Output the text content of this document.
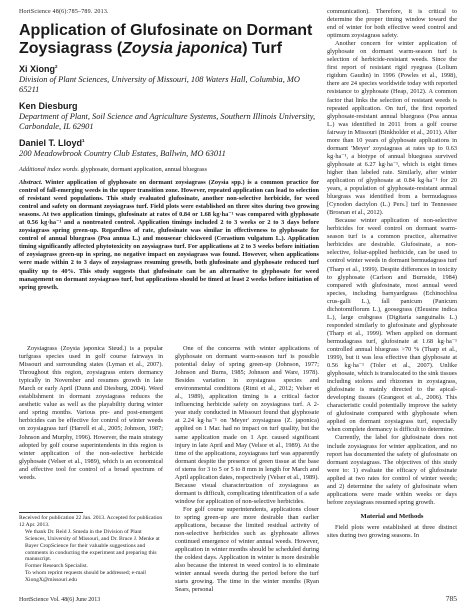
HortScience 48(6):785–789. 2013.
Application of Glufosinate on Dormant Zoysiagrass (Zoysia japonica) Turf
Xi Xiong$^2$

Division of Plant Sciences, University of Missouri, 108 Waters Hall, Columbia, MO 65211

Ken Diesburg

Department of Plant, Soil Science and Agriculture Systems, Southern Illinois University, Carbondale, IL 62901

Daniel T. Lloyd$^1$

200 Meadowbrook Country Club Estates, Ballwin, MO 63011

Additional index words. glyphosate, dormant application, annual bluegrass

Abstract. Winter application of glyphosate on dormant zoysiagrass (Zoysia spp.) is a common practice for control of fall-emerging weeds in the upper transition zone. However, repeated application can lead to selection of resistant weed populations. This study evaluated glufosinate, another non-selective herbicide, for weed control and safety on dormant zoysiagrass turf. Field plots were established on three sites during two growing seasons. At two application timings, glufosinate at rates of 0.84 or 1.68 kg·ha⁻¹ was compared with glyphosate at 0.56 kg·ha⁻¹ and a nontreated control. Application timings included 2 to 3 weeks or 2 to 3 days before zoysiagrass spring green-up. Regardless of rate, glufosinate was similar in effectiveness to glyphosate for control of annual bluegrass (Poa annua L.) and mouseear chickweed (Cerastium vulgatum L.). Application timing significantly affected phytotoxicity on zoysiagrass turf. For applications at 2 to 3 weeks before initiation of zoysiagrass green-up in spring, no negative impact on zoysiagrass was found. However, when applications were made within 2 to 3 days of zoysiagrass resuming growth, both glufosinate and glyphosate reduced turf quality up to 40%. This study suggests that glufosinate can be an alternative to glyphosate for weed management on dormant zoysiagrass turf, but applications should be timed at least 2 weeks before initiation of spring growth.

Zoysiagrass (Zoysia japonica Steud.) is a popular turfgrass species used in golf course fairways in Missouri and surrounding states (Lyman et al., 2007). Throughout this region, zoysiagrass enters dormancy typically in November and resumes growth in late March or early April (Dunn and Diesburg, 2004). Weed establishment in dormant zoysiagrass reduces the aesthetic value as well as the playability during winter and spring months. Various pre- and post-emergent herbicides can be effective for control of winter weeds on zoysiagrass turf (Harrell et al., 2005; Johnson, 1987; Johnson and Murphy, 1996). However, the main strategy adopted by golf course superintendents in this region is winter application of the non-selective herbicide glyphosate (Velser et al., 1989), which is an economical and effective tool for control of a broad spectrum of weeds.

One of the concerns with winter applications of glyphosate on dormant warm-season turf is possible potential delay of spring green-up (Johnson, 1977; Johnson and Burns, 1985; Johnson and Ware, 1978). Besides variation in zoysiagrass species and environmental conditions (Rimi et al., 2012; Velser et al., 1989), application timing is a critical factor influencing herbicide safety on zoysiagrass turf. A 2-year study conducted in Missouri found that glyphosate at 2.24 kg·ha⁻¹ on 'Meyer' zoysiagrass (Z. japonica) applied on 1 Mar. had no impact on turf quality, but the same application made on 1 Apr. caused significant injury in late April and May (Velsor et al., 1989). At the time of the applications, zoysiagrass turf was apparently dormant despite the presence of green tissue at the base of stems for 3 to 5 or 5 to 8 mm in length for March and April application dates, respectively (Velser et al., 1989). Because visual characterization of zoysiagrass as dormant is difficult, complicating identification of a safe window for application of non-selective herbicides.

For golf course superintendents, applications closer to spring green-up are more desirable than earlier applications, because the limited residual activity of non-selective herbicides such as glyphosate allows continued emergence of winter annual weeds. However, application in winter months should be scheduled during the coldest days. Application in winter is more desirable also because the interest in weed control is to eliminate winter annual weeds during the period before the turf starts growing. The time in the winter months (Ryan Sears, personal

Received for publication 22 Jan. 2013. Accepted for publication 12 Apr. 2013.

We thank Dr. Reid J. Smeda in the Division of Plant Sciences, University of Missouri, and Dr. Bruce J. Menke at Bayer CropScience for their valuable suggestions and comments in conducting the experiment and preparing this manuscript.

Former Research Specialist.

To whom reprint requests should be addressed; e-mail XiongX@missouri.edu

communication). Therefore, it is critical to determine the proper timing window toward the end of winter for both effective weed control and optimum zoysiagrass safety.

Another concern for winter application of glyphosate on dormant warm-season turf is selection of herbicide-resistant weeds. Since the first report of resistant rigid ryegrass (Lolium rigidum Gaudin) in 1996 (Powles et al., 1998), there are 24 species worldwide today with reported resistance to glyphosate (Heap, 2012). A common factor that links the selection of resistant weeds is repeated application. On turf, the first reported glyphosate-resistant annual bluegrass (Poa annua L.) was identified in 2011 from a golf course fairway in Missouri (Binkholder et al., 2011). After more than 10 years of glyphosate applications in dormant 'Meyer' zoysiagrass at rates up to 0.63 kg·ha⁻¹, a biotype of annual bluegrass survived glyphosate at 6.27 kg·ha⁻¹, which is eight times higher than labeled rate. Similarly, after winter application of glyphosate at 0.84 kg·ha⁻¹ for 20 years, a population of glyphosate-resistant annual bluegrass was identified from a bermudagrass [Cynodon dactylon (L.) Pers.] turf in Tennessee (Brosnan et al., 2012).

Because winter application of non-selective herbicides for weed control on dormant warm-season turf is a common practice, alternative herbicides are desirable. Glufosinate, a non-selective, foliar-applied herbicide, can be used to control winter weeds in dormant bermudagrass turf (Tharp et al., 1999). Despite differences in toxicity to glyphosate (Carlson and Burnside, 1984) compared with glufosinate, most annual weed species, including barnyardgrass (Echinochloa crus-galli L.), fall panicum (Panicum dichotomiflorum L.), goosegrass (Eleusine indica L.), large crabgrass (Digitaria sanguinalis L.) responded similarly to glufosinate and glyphosate (Tharp et al., 1999). When applied on dormant bermudagrass turf, glufosinate at 1.68 kg·ha⁻¹ controlled annual bluegrass >70 % (Tharp et al., 1999), but it was less effective than glyphosate at 0.56 kg·ha⁻¹ (Toler et al., 2007). Unlike glyphosate, which is translocated to the sink tissues including stolons and rhizomes in zoysiagrass, glufosinate is mainly directed to the apical-developing tissues (Grangeot et al., 2006). This characteristic could potentially improve the safety of glufosinate compared with glyphosate when applied on dormant zoysiagrass turf, especially when complete dormancy is difficult to determine.

Currently, the label for glufosinate does not include zoysiagrass for winter application, and no report has documented the safety of glufosinate on dormant zoysiagrass. The objectives of this study were to: 1) evaluate the efficacy of glufosinate applied at two rates for control of winter weeds; and 2) determine the safety of glufosinate when applications were made within weeks or days before zoysiagrass resumed spring growth.

Material and Methods

Field plots were established at three distinct sites during two growing seasons. In

HortScience Vol. 48(6) June 2013	785
